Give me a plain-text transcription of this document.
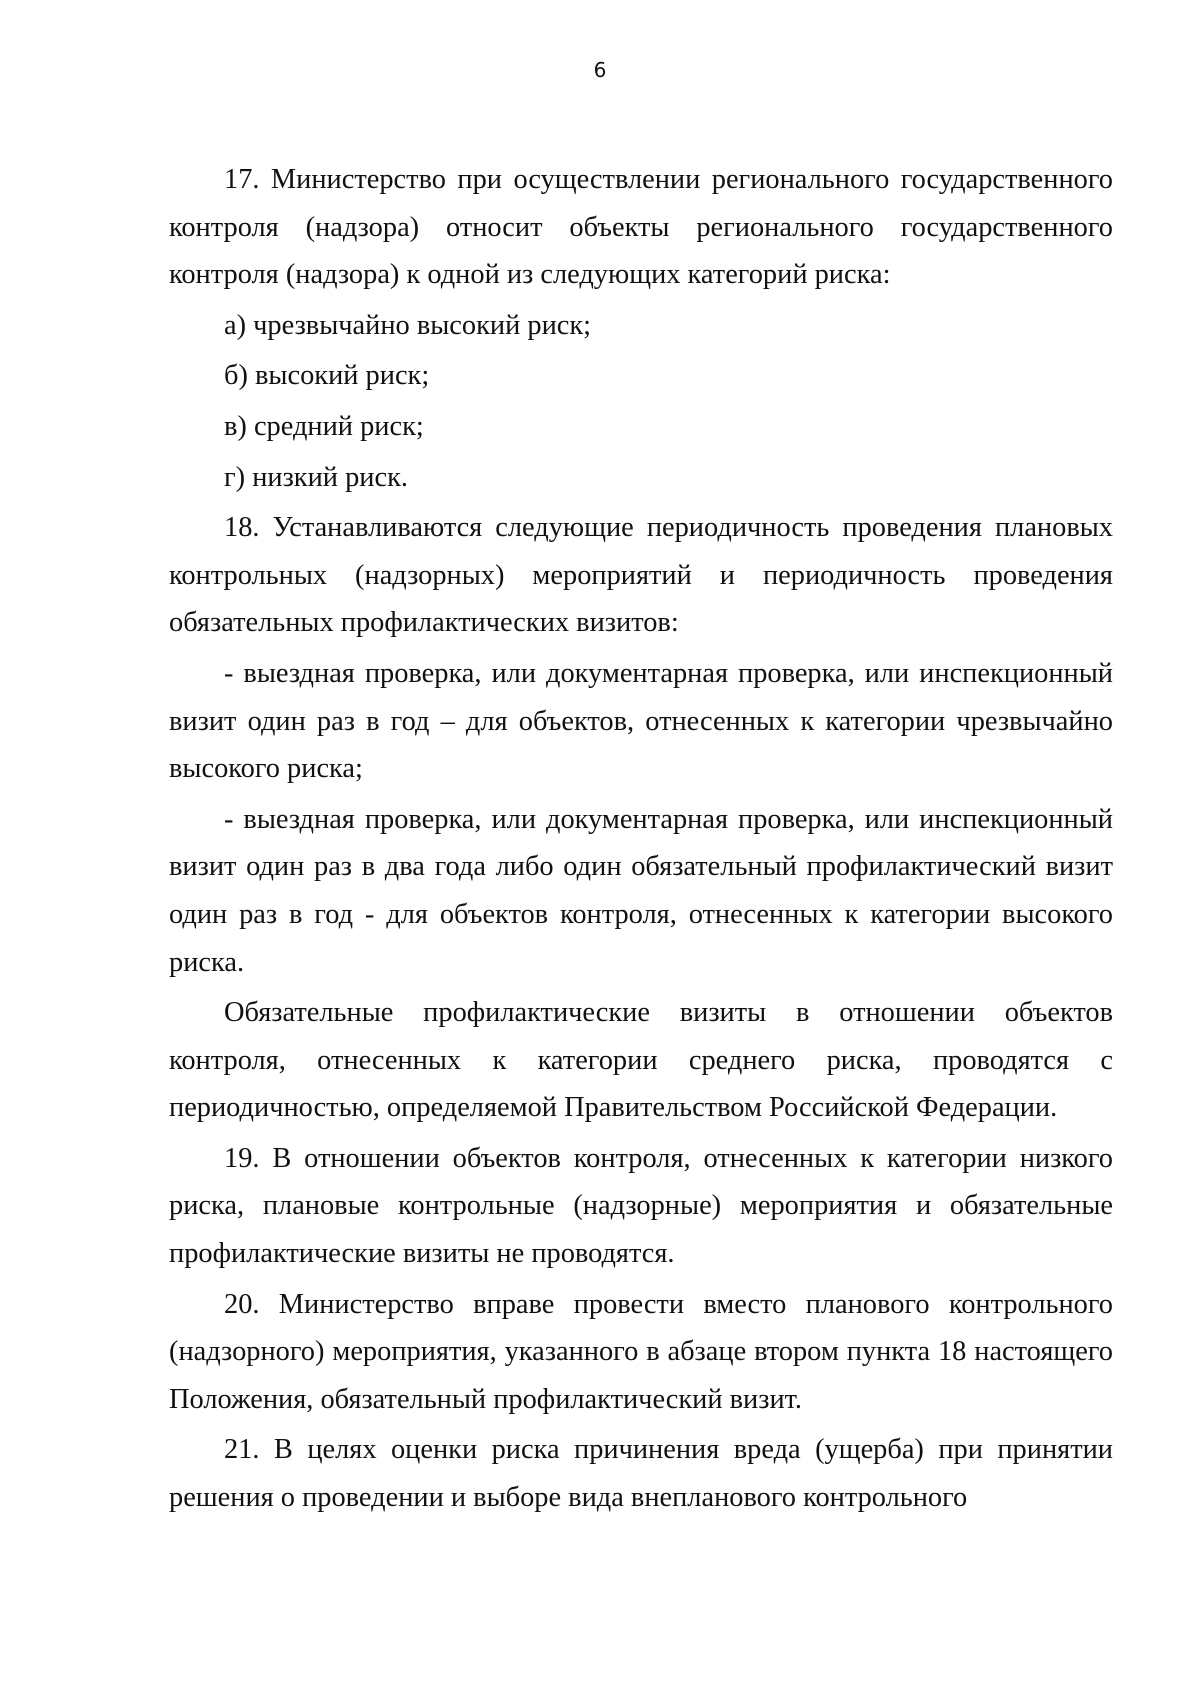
6

17. Министерство при осуществлении регионального государственного контроля (надзора) относит объекты регионального государственного контроля (надзора) к одной из следующих категорий риска:

а) чрезвычайно высокий риск;

б) высокий риск;

в) средний риск;

г) низкий риск.

18. Устанавливаются следующие периодичность проведения плановых контрольных (надзорных) мероприятий и периодичность проведения обязательных профилактических визитов:

- выездная проверка, или документарная проверка, или инспекционный визит один раз в год – для объектов, отнесенных к категории чрезвычайно высокого риска;

- выездная проверка, или документарная проверка, или инспекционный визит один раз в два года либо один обязательный профилактический визит один раз в год - для объектов контроля, отнесенных к категории высокого риска.

Обязательные профилактические визиты в отношении объектов контроля, отнесенных к категории среднего риска, проводятся с периодичностью, определяемой Правительством Российской Федерации.

19. В отношении объектов контроля, отнесенных к категории низкого риска, плановые контрольные (надзорные) мероприятия и обязательные профилактические визиты не проводятся.

20. Министерство вправе провести вместо планового контрольного (надзорного) мероприятия, указанного в абзаце втором пункта 18 настоящего Положения, обязательный профилактический визит.

21. В целях оценки риска причинения вреда (ущерба) при принятии решения о проведении и выборе вида внепланового контрольного
